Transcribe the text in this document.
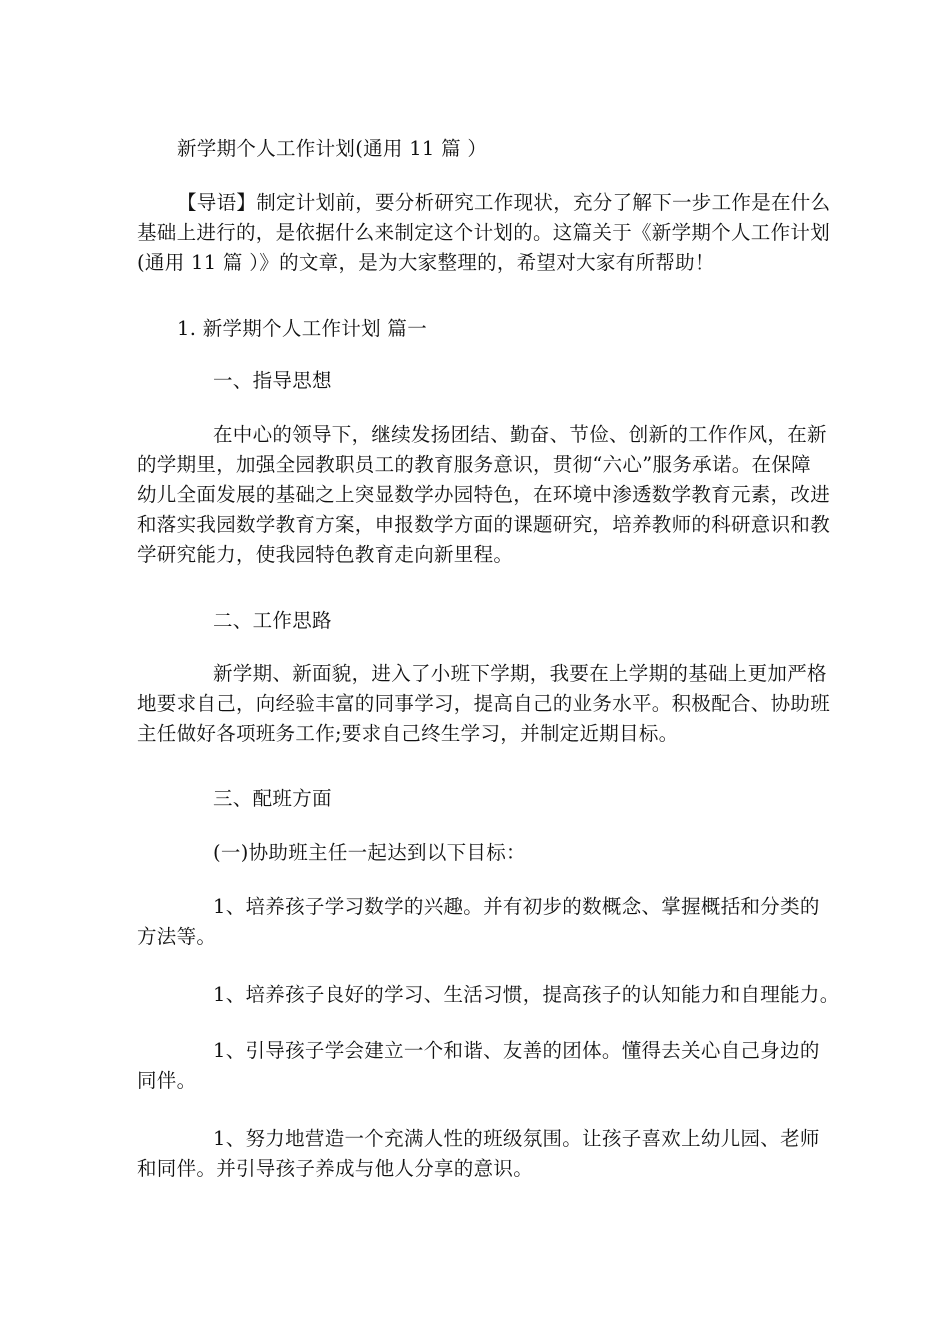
新学期个人工作计划(通用 11 篇 ）
【导语】制定计划前，要分析研究工作现状，充分了解下一步工作是在什么
基础上进行的，是依据什么来制定这个计划的。这篇关于《新学期个人工作计划
(通用 11 篇 ）》的文章，是为大家整理的，希望对大家有所帮助！
1. 新学期个人工作计划 篇一
一、指导思想
在中心的领导下，继续发扬团结、勤奋、节俭、创新的工作作风，在新
的学期里，加强全园教职员工的教育服务意识，贯彻“六心”服务承诺。在保障
幼儿全面发展的基础之上突显数学办园特色，在环境中渗透数学教育元素，改进
和落实我园数学教育方案，申报数学方面的课题研究，培养教师的科研意识和教
学研究能力，使我园特色教育走向新里程。
二、工作思路
新学期、新面貌，进入了小班下学期，我要在上学期的基础上更加严格
地要求自己，向经验丰富的同事学习，提高自己的业务水平。积极配合、协助班
主任做好各项班务工作;要求自己终生学习，并制定近期目标。
三、配班方面
(一)协助班主任一起达到以下目标：
1、培养孩子学习数学的兴趣。并有初步的数概念、掌握概括和分类的
方法等。
1、培养孩子良好的学习、生活习惯，提高孩子的认知能力和自理能力。
1、引导孩子学会建立一个和谐、友善的团体。懂得去关心自己身边的
同伴。
1、努力地营造一个充满人性的班级氛围。让孩子喜欢上幼儿园、老师
和同伴。并引导孩子养成与他人分享的意识。
